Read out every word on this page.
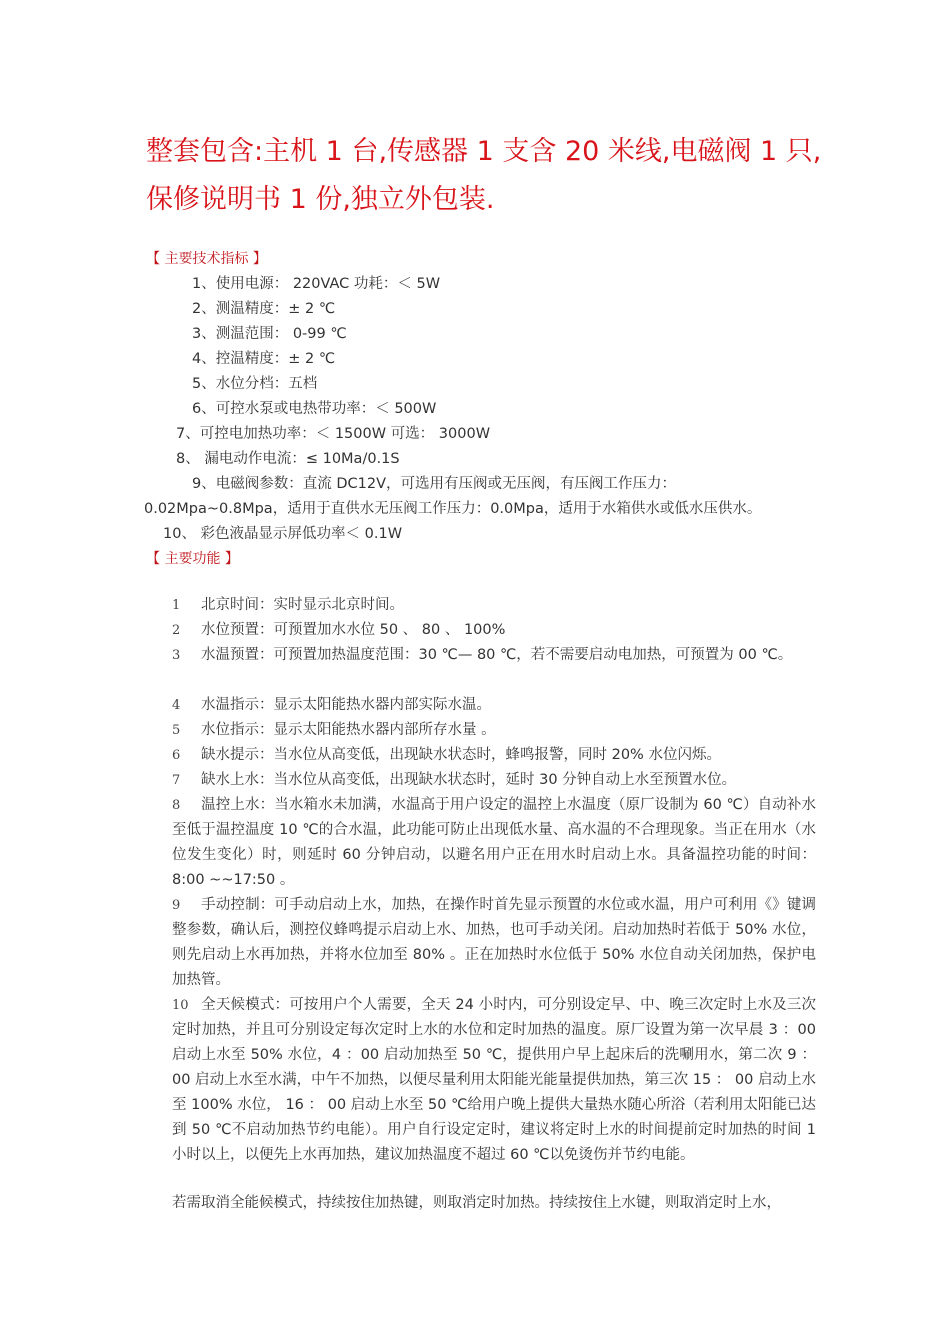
整套包含:主机 1 台,传感器 1 支含 20 米线,电磁阀 1 只,保修说明书 1 份,独立外包装.

【 主要技术指标 】

1、使用电源： 220VAC 功耗：＜ 5W

2、测温精度：± 2 ℃

3、测温范围： 0-99 ℃

4、控温精度：± 2 ℃

5、水位分档：五档

6、可控水泵或电热带功率：＜ 500W

7、可控电加热功率：＜ 1500W 可选： 3000W

8、 漏电动作电流：≤ 10Ma/0.1S

9、电磁阀参数：直流 DC12V，可选用有压阀或无压阀，有压阀工作压力：
0.02Mpa~0.8Mpa，适用于直供水无压阀工作压力：0.0Mpa，适用于水箱供水或低水压供水。

10、 彩色液晶显示屏低功率＜ 0.1W

【 主要功能 】

1 北京时间：实时显示北京时间。

2 水位预置：可预置加水水位 50 、 80 、 100%

3 水温预置：可预置加热温度范围：30 ℃— 80 ℃，若不需要启动电加热，可预置为 00 ℃。

4 水温指示：显示太阳能热水器内部实际水温。

5 水位指示：显示太阳能热水器内部所存水量 。

6 缺水提示：当水位从高变低，出现缺水状态时，蜂鸣报警，同时 20% 水位闪烁。

7 缺水上水：当水位从高变低，出现缺水状态时，延时 30 分钟自动上水至预置水位。

8 温控上水：当水箱水未加满，水温高于用户设定的温控上水温度（原厂设制为 60 ℃）自动补水至低于温控温度 10 ℃的合水温，此功能可防止出现低水量、高水温的不合理现象。当正在用水（水位发生变化）时，则延时 60 分钟启动，以避名用户正在用水时启动上水。具备温控功能的时间： 8:00 ~~17:50 。

9 手动控制：可手动启动上水，加热，在操作时首先显示预置的水位或水温，用户可利用《》键调整参数，确认后，测控仪蜂鸣提示启动上水、加热，也可手动关闭。启动加热时若低于 50% 水位，则先启动上水再加热，并将水位加至 80% 。正在加热时水位低于 50% 水位自动关闭加热，保护电加热管。

10 全天候模式：可按用户个人需要，全天 24 小时内，可分别设定早、中、晚三次定时上水及三次定时加热，并且可分别设定每次定时上水的水位和定时加热的温度。原厂设置为第一次早晨 3 ：00 启动上水至 50% 水位，4 ：00 启动加热至 50 ℃，提供用户早上起床后的洗唰用水，第二次 9 ：00 启动上水至水满，中午不加热，以便尽量利用太阳能光能量提供加热，第三次 15 ： 00 启动上水至 100% 水位， 16 ： 00 启动上水至 50 ℃给用户晚上提供大量热水随心所浴（若利用太阳能已达到 50 ℃不启动加热节约电能）。用户自行设定定时，建议将定时上水的时间提前定时加热的时间 1 小时以上，以便先上水再加热，建议加热温度不超过 60 ℃以免烫伤并节约电能。

若需取消全能候模式，持续按住加热键，则取消定时加热。持续按住上水键，则取消定时上水，
